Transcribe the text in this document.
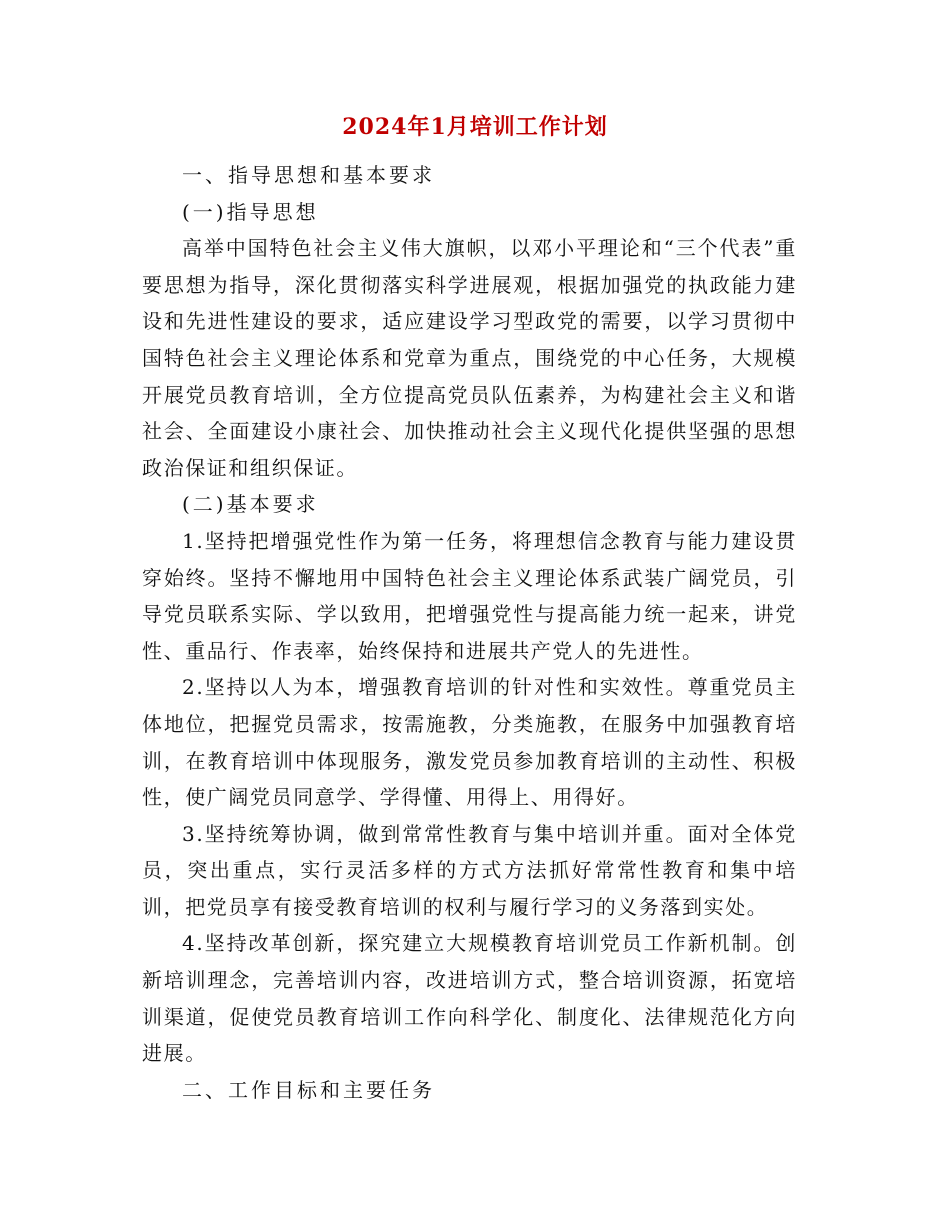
2024年1月培训工作计划

一、指导思想和基本要求

(一)指导思想

高举中国特色社会主义伟大旗帜，以邓小平理论和“三个代表”重要思想为指导，深化贯彻落实科学进展观，根据加强党的执政能力建设和先进性建设的要求，适应建设学习型政党的需要，以学习贯彻中国特色社会主义理论体系和党章为重点，围绕党的中心任务，大规模开展党员教育培训，全方位提高党员队伍素养，为构建社会主义和谐社会、全面建设小康社会、加快推动社会主义现代化提供坚强的思想政治保证和组织保证。

(二)基本要求

1.坚持把增强党性作为第一任务，将理想信念教育与能力建设贯穿始终。坚持不懈地用中国特色社会主义理论体系武装广阔党员，引导党员联系实际、学以致用，把增强党性与提高能力统一起来，讲党性、重品行、作表率，始终保持和进展共产党人的先进性。

2.坚持以人为本，增强教育培训的针对性和实效性。尊重党员主体地位，把握党员需求，按需施教，分类施教，在服务中加强教育培训，在教育培训中体现服务，激发党员参加教育培训的主动性、积极性，使广阔党员同意学、学得懂、用得上、用得好。

3.坚持统筹协调，做到常常性教育与集中培训并重。面对全体党员，突出重点，实行灵活多样的方式方法抓好常常性教育和集中培训，把党员享有接受教育培训的权利与履行学习的义务落到实处。

4.坚持改革创新，探究建立大规模教育培训党员工作新机制。创新培训理念，完善培训内容，改进培训方式，整合培训资源，拓宽培训渠道，促使党员教育培训工作向科学化、制度化、法律规范化方向进展。

二、工作目标和主要任务
